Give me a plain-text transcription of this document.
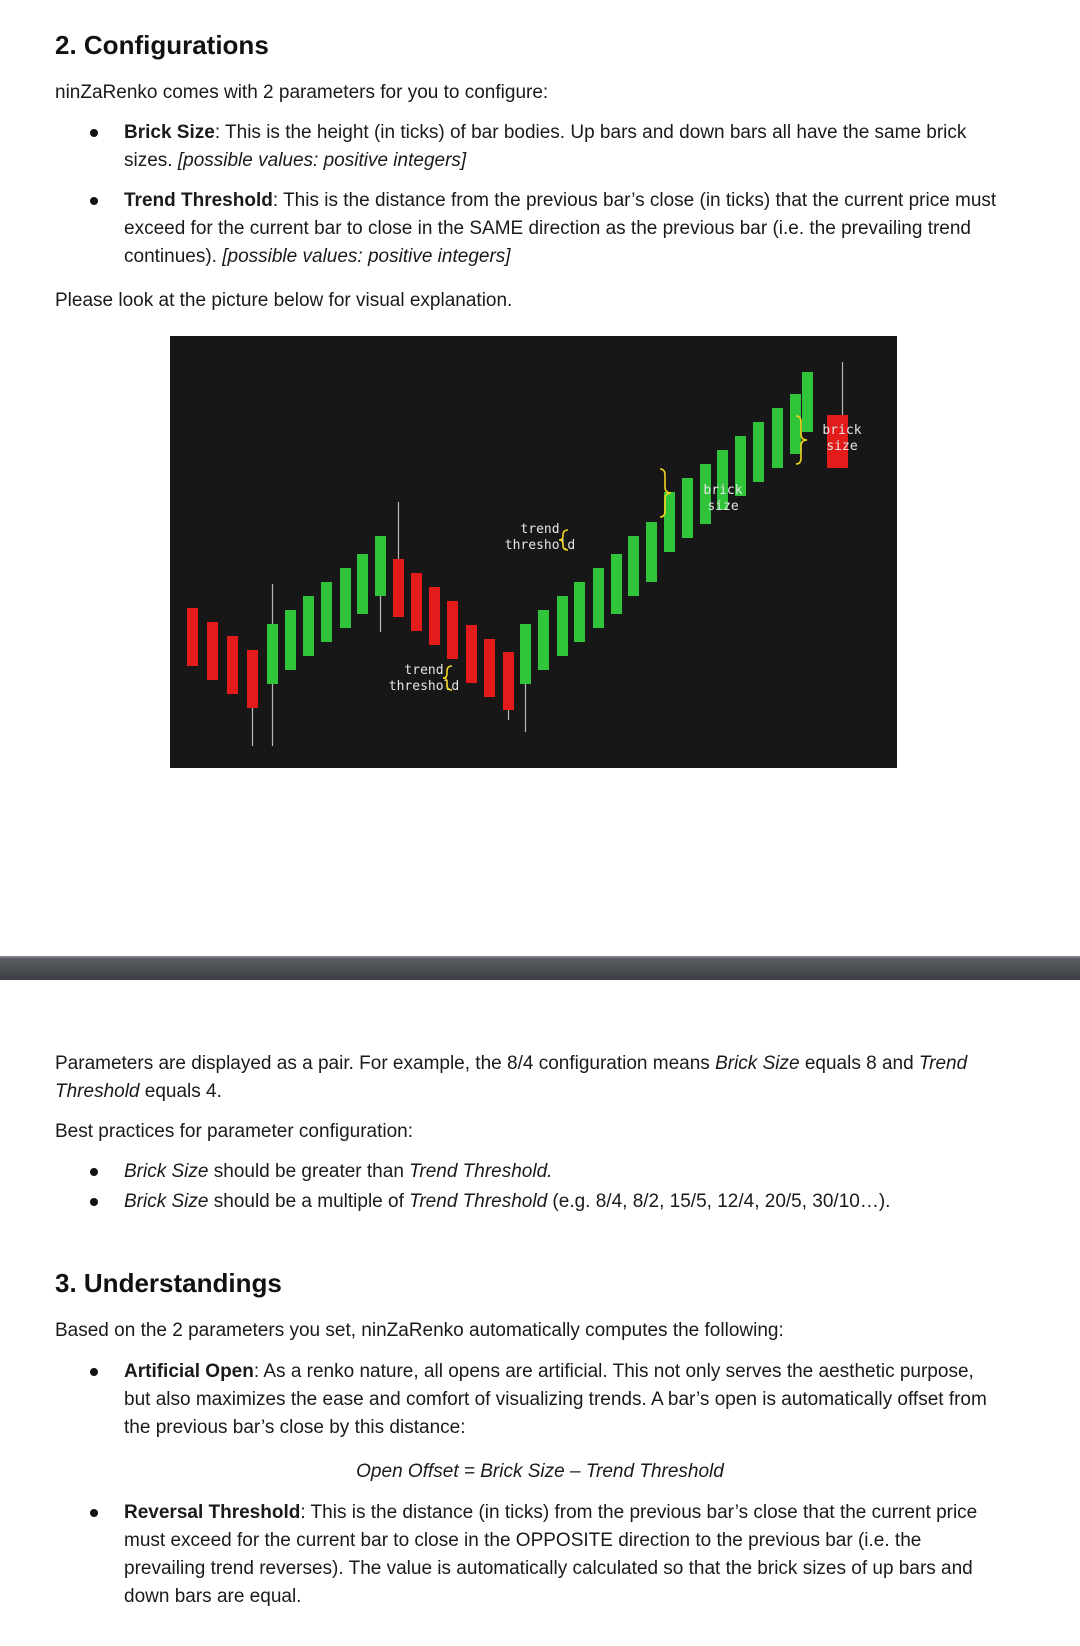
2. Configurations

ninZaRenko comes with 2 parameters for you to configure:

Brick Size: This is the height (in ticks) of bar bodies. Up bars and down bars all have the same brick sizes. [possible values: positive integers]
Trend Threshold: This is the distance from the previous bar’s close (in ticks) that the current price must exceed for the current bar to close in the SAME direction as the previous bar (i.e. the prevailing trend continues). [possible values: positive integers]

Please look at the picture below for visual explanation.

trend
threshold
trend
threshold
brick
size
brick
size

Parameters are displayed as a pair. For example, the 8/4 configuration means Brick Size equals 8 and Trend Threshold equals 4.

Best practices for parameter configuration:

Brick Size should be greater than Trend Threshold.
Brick Size should be a multiple of Trend Threshold (e.g. 8/4, 8/2, 15/5, 12/4, 20/5, 30/10…).
3. Understandings

Based on the 2 parameters you set, ninZaRenko automatically computes the following:

Artificial Open: As a renko nature, all opens are artificial. This not only serves the aesthetic purpose, but also maximizes the ease and comfort of visualizing trends. A bar’s open is automatically offset from the previous bar’s close by this distance:
Open Offset = Brick Size – Trend Threshold
Reversal Threshold: This is the distance (in ticks) from the previous bar’s close that the current price must exceed for the current bar to close in the OPPOSITE direction to the previous bar (i.e. the prevailing trend reverses). The value is automatically calculated so that the brick sizes of up bars and down bars are equal.
